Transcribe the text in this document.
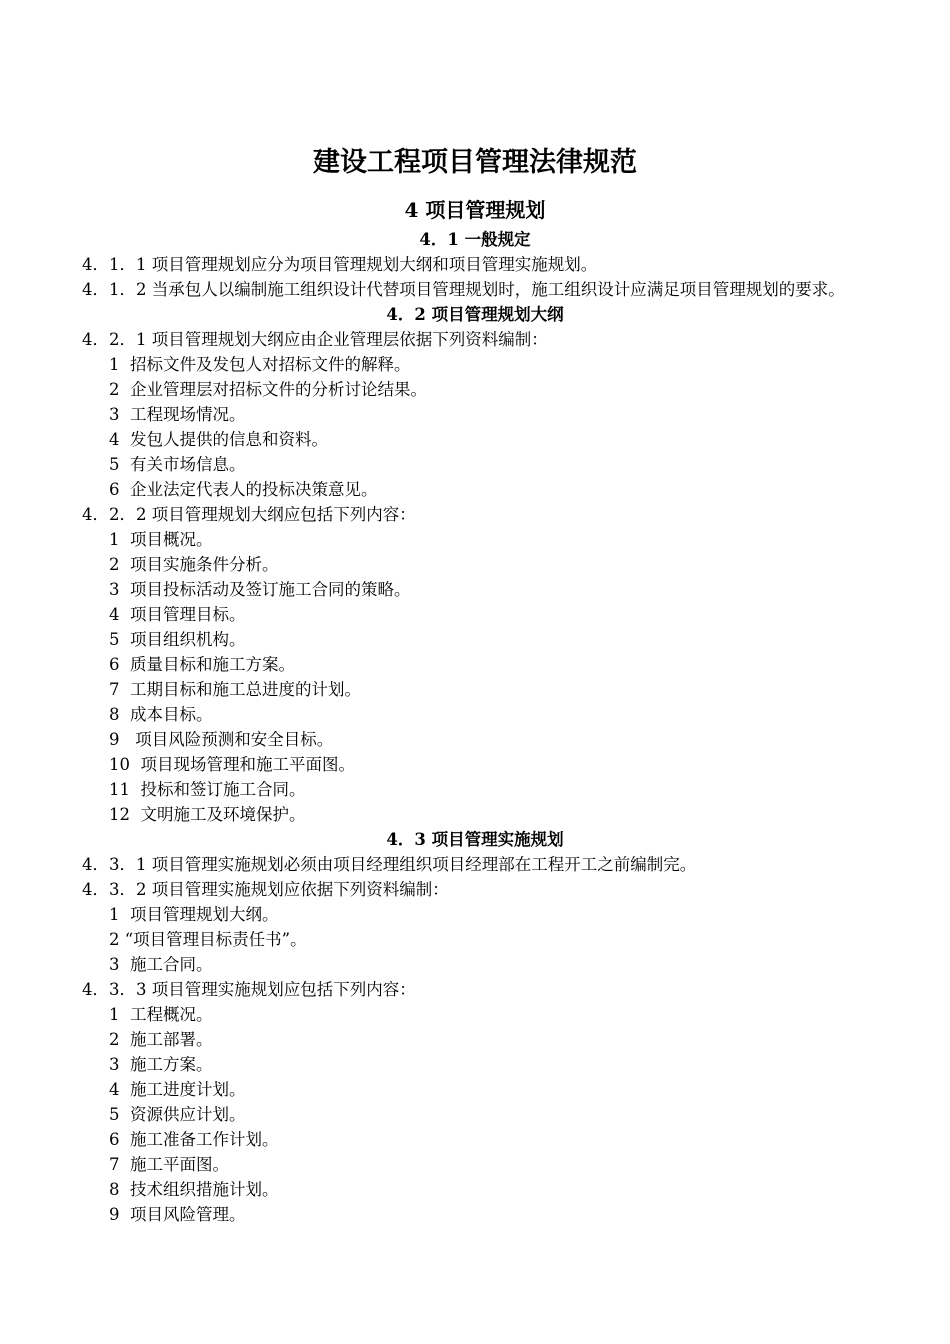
建设工程项目管理法律规范
4 项目管理规划
4．1 一般规定
4．1．1 项目管理规划应分为项目管理规划大纲和项目管理实施规划。
4．1．2 当承包人以编制施工组织设计代替项目管理规划时，施工组织设计应满足项目管理规划的要求。
4．2 项目管理规划大纲
4．2．1 项目管理规划大纲应由企业管理层依据下列资料编制：
1  招标文件及发包人对招标文件的解释。
2  企业管理层对招标文件的分析讨论结果。
3  工程现场情况。
4  发包人提供的信息和资料。
5  有关市场信息。
6  企业法定代表人的投标决策意见。
4．2．2 项目管理规划大纲应包括下列内容：
1  项目概况。
2  项目实施条件分析。
3  项目投标活动及签订施工合同的策略。
4  项目管理目标。
5  项目组织机构。
6  质量目标和施工方案。
7  工期目标和施工总进度的计划。
8  成本目标。
9   项目风险预测和安全目标。
10  项目现场管理和施工平面图。
11  投标和签订施工合同。
12  文明施工及环境保护。
4．3 项目管理实施规划
4．3．1 项目管理实施规划必须由项目经理组织项目经理部在工程开工之前编制完。
4．3．2 项目管理实施规划应依据下列资料编制：
1  项目管理规划大纲。
2 “项目管理目标责任书”。
3  施工合同。
4．3．3 项目管理实施规划应包括下列内容：
1  工程概况。
2  施工部署。
3  施工方案。
4  施工进度计划。
5  资源供应计划。
6  施工准备工作计划。
7  施工平面图。
8  技术组织措施计划。
9  项目风险管理。
